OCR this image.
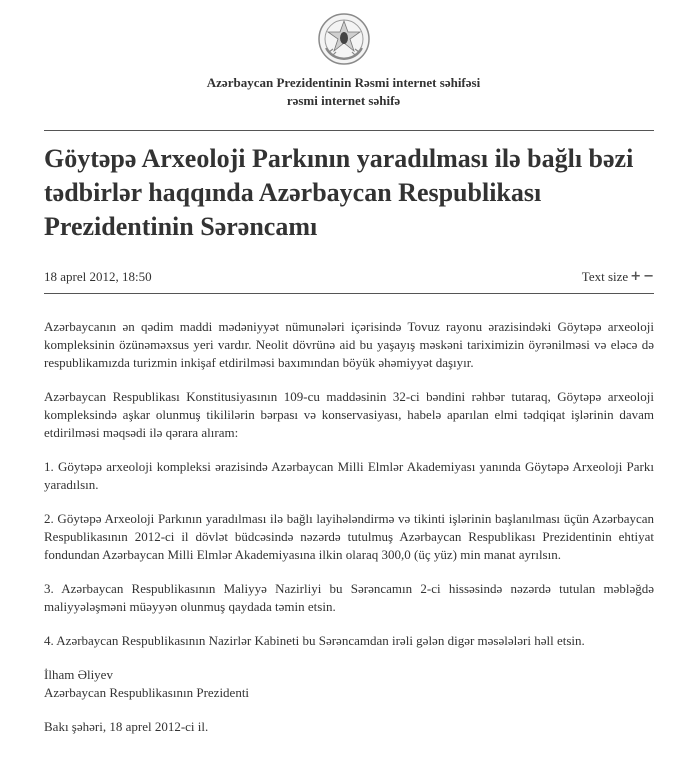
Azərbaycan Prezidentinin Rəsmi internet səhifəsi
rəsmi internet səhifə
Göytəpə Arxeoloji Parkının yaradılması ilə bağlı bəzi tədbirlər haqqında Azərbaycan Respublikası Prezidentinin Sərəncamı
18 aprel 2012, 18:50	Text size + −

Azərbaycanın ən qədim maddi mədəniyyət nümunələri içərisində Tovuz rayonu ərazisindəki Göytəpə arxeoloji kompleksinin özünəməxsus yeri vardır. Neolit dövrünə aid bu yaşayış məskəni tariximizin öyrənilməsi və eləcə də respublikamızda turizmin inkişaf etdirilməsi baxımından böyük əhəmiyyət daşıyır.

Azərbaycan Respublikası Konstitusiyasının 109-cu maddəsinin 32-ci bəndini rəhbər tutaraq, Göytəpə arxeoloji kompleksində aşkar olunmuş tikililərin bərpası və konservasiyası, habelə aparılan elmi tədqiqat işlərinin davam etdirilməsi məqsədi ilə qərara alıram:

1. Göytəpə arxeoloji kompleksi ərazisində Azərbaycan Milli Elmlər Akademiyası yanında Göytəpə Arxeoloji Parkı yaradılsın.

2. Göytəpə Arxeoloji Parkının yaradılması ilə bağlı layihələndirmə və tikinti işlərinin başlanılması üçün Azərbaycan Respublikasının 2012-ci il dövlət büdcəsində nəzərdə tutulmuş Azərbaycan Respublikası Prezidentinin ehtiyat fondundan Azərbaycan Milli Elmlər Akademiyasına ilkin olaraq 300,0 (üç yüz) min manat ayrılsın.

3. Azərbaycan Respublikasının Maliyyə Nazirliyi bu Sərəncamın 2-ci hissəsində nəzərdə tutulan məbləğdə maliyyələşməni müəyyən olunmuş qaydada təmin etsin.

4. Azərbaycan Respublikasının Nazirlər Kabineti bu Sərəncamdan irəli gələn digər məsələləri həll etsin.

İlham Əliyev
Azərbaycan Respublikasının Prezidenti

Bakı şəhəri, 18 aprel 2012-ci il.
